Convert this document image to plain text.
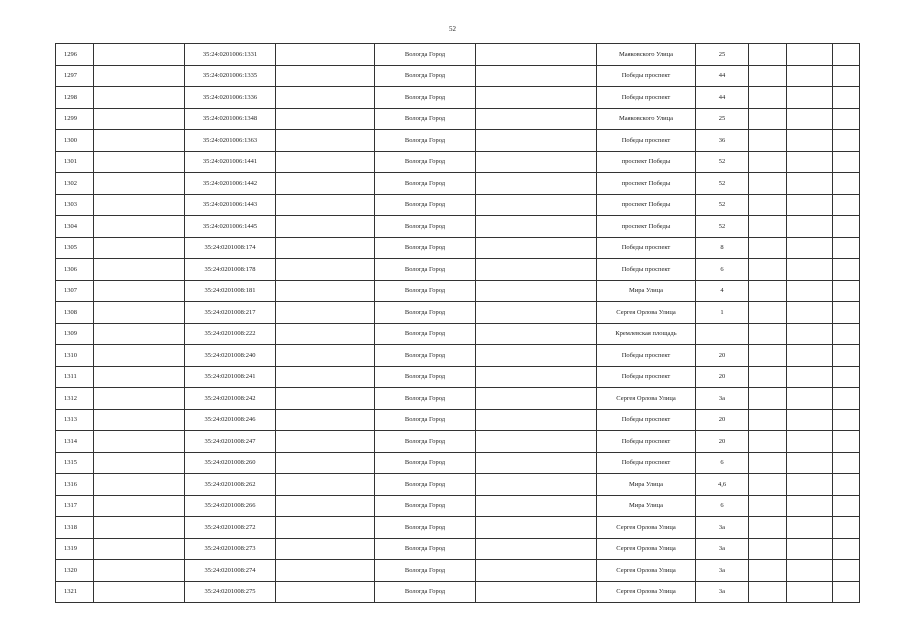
52
1296		35:24:0201006:1331		Вологда Город		Маяковского Улица	25			
1297		35:24:0201006:1335		Вологда Город		Победы проспект	44			
1298		35:24:0201006:1336		Вологда Город		Победы проспект	44			
1299		35:24:0201006:1348		Вологда Город		Маяковского Улица	25			
1300		35:24:0201006:1363		Вологда Город		Победы проспект	36			
1301		35:24:0201006:1441		Вологда Город		проспект Победы	52			
1302		35:24:0201006:1442		Вологда Город		проспект Победы	52			
1303		35:24:0201006:1443		Вологда Город		проспект Победы	52			
1304		35:24:0201006:1445		Вологда Город		проспект Победы	52			
1305		35:24:0201008:174		Вологда Город		Победы проспект	8			
1306		35:24:0201008:178		Вологда Город		Победы проспект	6			
1307		35:24:0201008:181		Вологда Город		Мира Улица	4			
1308		35:24:0201008:217		Вологда Город		Сергея Орлова Улица	1			
1309		35:24:0201008:222		Вологда Город		Кремлевская площадь				
1310		35:24:0201008:240		Вологда Город		Победы проспект	20			
1311		35:24:0201008:241		Вологда Город		Победы проспект	20			
1312		35:24:0201008:242		Вологда Город		Сергея Орлова Улица	3а			
1313		35:24:0201008:246		Вологда Город		Победы проспект	20			
1314		35:24:0201008:247		Вологда Город		Победы проспект	20			
1315		35:24:0201008:260		Вологда Город		Победы проспект	6			
1316		35:24:0201008:262		Вологда Город		Мира Улица	4,6			
1317		35:24:0201008:266		Вологда Город		Мира Улица	6			
1318		35:24:0201008:272		Вологда Город		Сергея Орлова Улица	3а			
1319		35:24:0201008:273		Вологда Город		Сергея Орлова Улица	3а			
1320		35:24:0201008:274		Вологда Город		Сергея Орлова Улица	3а			
1321		35:24:0201008:275		Вологда Город		Сергея Орлова Улица	3а			
